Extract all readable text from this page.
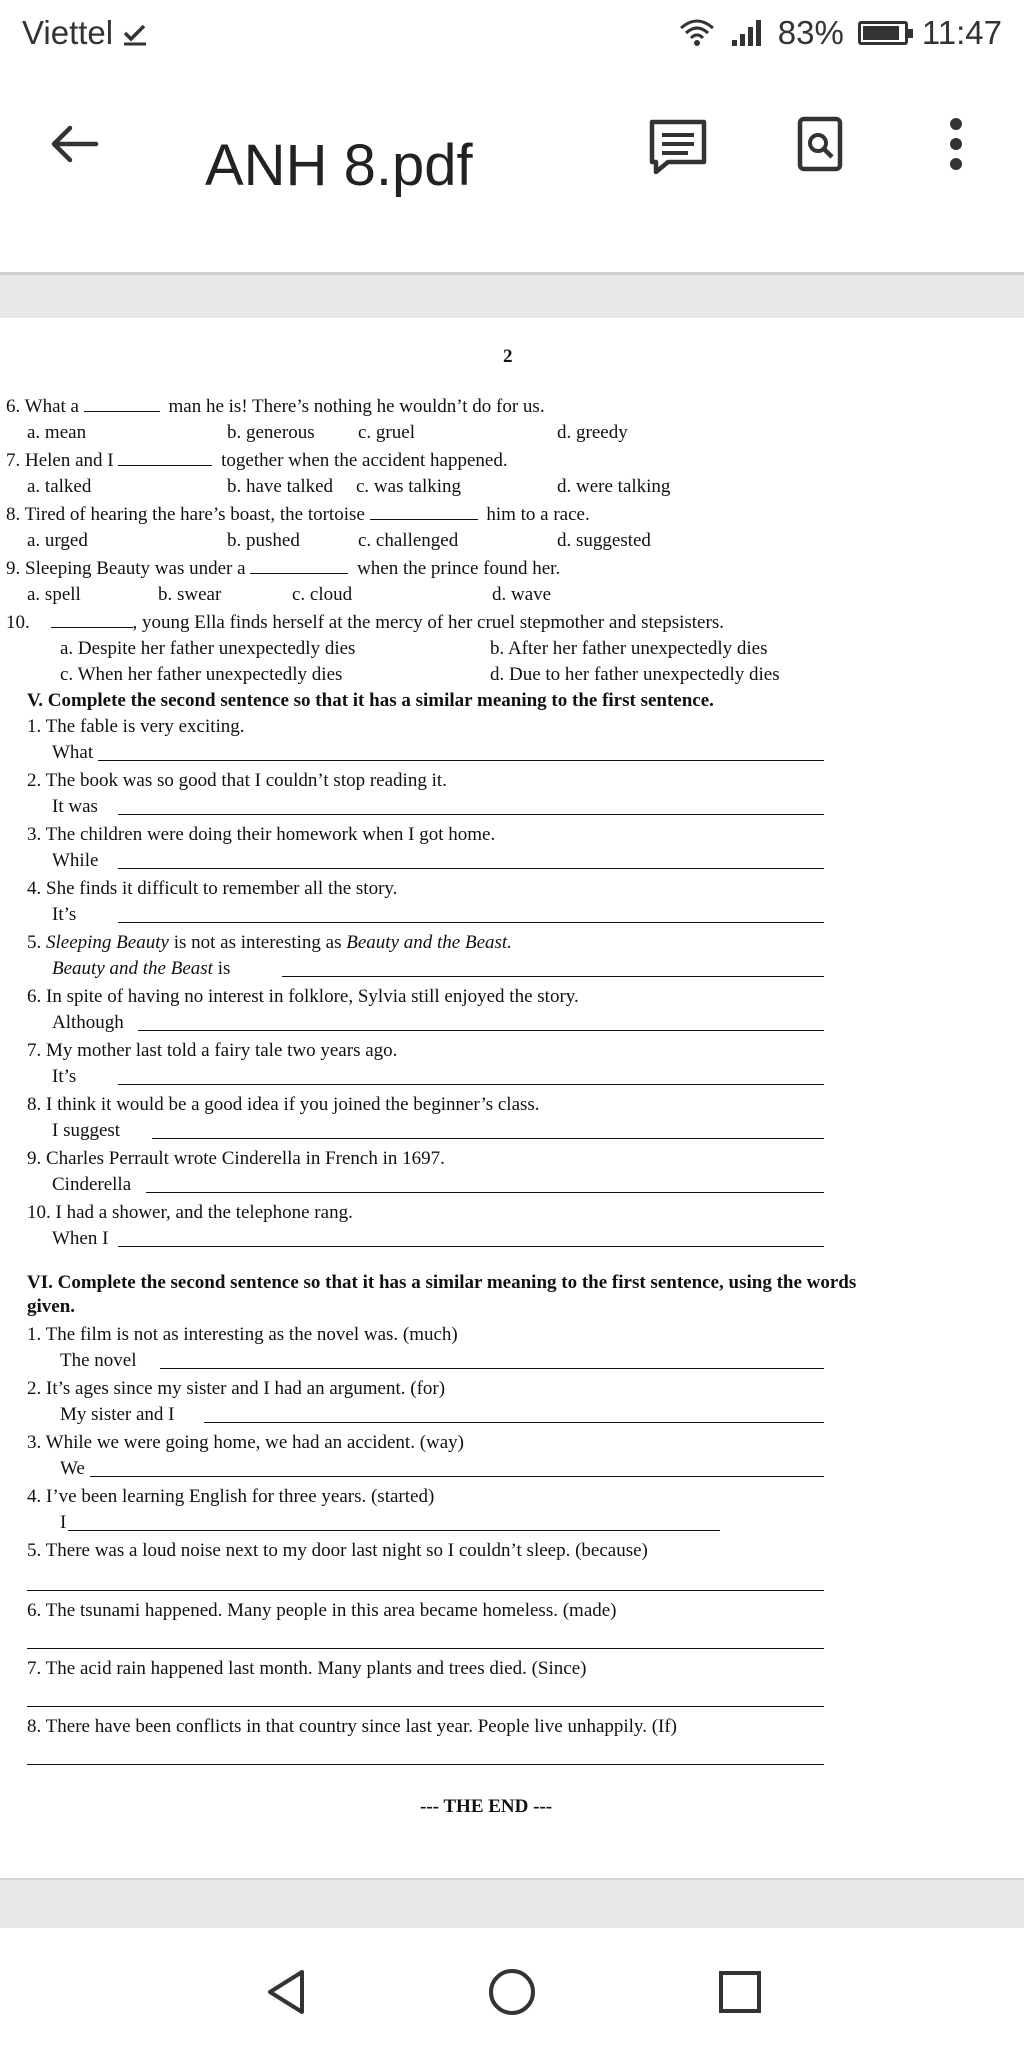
Viettel	83% 11:47
ANH 8.pdf
2
6. What a	man he is! There’s nothing he wouldn’t do for us.
a. mean	b. generous c. gruel	d. greedy
7. Helen and I	together when the accident happened.
a. talked	b. have talked c. was talking	d. were talking
8. Tired of hearing the hare’s boast, the tortoise	him to a race.
a. urged	b. pushed	c. challenged	d. suggested
9. Sleeping Beauty was under a	when the prince found her.
a. spell	b. swear	c. cloud	d. wave
10.	, young Ella finds herself at the mercy of her cruel stepmother and stepsisters.
a. Despite her father unexpectedly dies	b. After her father unexpectedly dies
c. When her father unexpectedly dies	d. Due to her father unexpectedly dies
V. Complete the second sentence so that it has a similar meaning to the first sentence.
1. The fable is very exciting.
What
2. The book was so good that I couldn’t stop reading it.
It was
3. The children were doing their homework when I got home.
While
4. She finds it difficult to remember all the story.
It’s
5. Sleeping Beauty is not as interesting as Beauty and the Beast.
Beauty and the Beast is
6. In spite of having no interest in folklore, Sylvia still enjoyed the story.
Although
7. My mother last told a fairy tale two years ago.
It’s
8. I think it would be a good idea if you joined the beginner’s class.
I suggest
9. Charles Perrault wrote Cinderella in French in 1697.
Cinderella
10. I had a shower, and the telephone rang.
When I
VI. Complete the second sentence so that it has a similar meaning to the first sentence, using the words
given.
1. The film is not as interesting as the novel was. (much)
The novel
2. It’s ages since my sister and I had an argument. (for)
My sister and I
3. While we were going home, we had an accident. (way)
We
4. I’ve been learning English for three years. (started)
I
5. There was a loud noise next to my door last night so I couldn’t sleep. (because)
6. The tsunami happened. Many people in this area became homeless. (made)
7. The acid rain happened last month. Many plants and trees died. (Since)
8. There have been conflicts in that country since last year. People live unhappily. (If)
--- THE END ---
